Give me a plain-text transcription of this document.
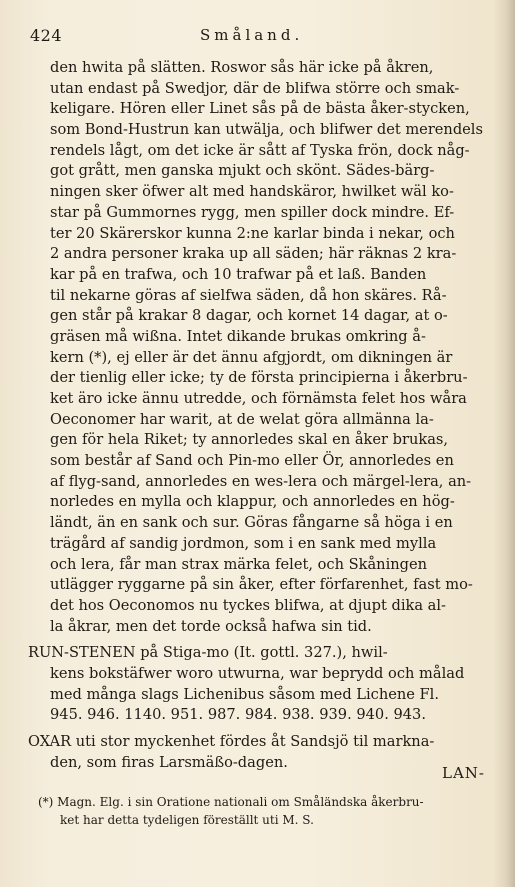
424	Småland.
den hwita på slätten. Roswor sås här icke på åkren,
utan endast på Swedjor, där de blifwa större och smak-
keligare. Hören eller Linet sås på de bästa åker-stycken,
som Bond-Hustrun kan utwälja, och blifwer det merendels
rendels lågt, om det icke är sått af Tyska frön, dock någ-
got grått, men ganska mjukt och skönt. Sädes-bärg-
ningen sker öfwer alt med handskäror, hwilket wäl ko-
star på Gummornes rygg, men spiller dock mindre. Ef-
ter 20 Skärerskor kunna 2:ne karlar binda i nekar, och
2 andra personer kraka up all säden; här räknas 2 kra-
kar på en trafwa, och 10 trafwar på et laß. Banden
til nekarne göras af sielfwa säden, då hon skäres. Rå-
gen står på krakar 8 dagar, och kornet 14 dagar, at o-
gräsen må wißna. Intet dikande brukas omkring å-
kern (*), ej eller är det ännu afgjordt, om dikningen är
der tienlig eller icke; ty de första principierna i åkerbru-
ket äro icke ännu utredde, och förnämsta felet hos wåra
Oeconomer har warit, at de welat göra allmänna la-
gen för hela Riket; ty annorledes skal en åker brukas,
som består af Sand och Pin-mo eller Ör, annorledes en
af flyg-sand, annorledes en wes-lera och märgel-lera, an-
norledes en mylla och klappur, och annorledes en hög-
ländt, än en sank och sur. Göras fångarne så höga i en
trägård af sandig jordmon, som i en sank med mylla
och lera, får man strax märka felet, och Skåningen
utlägger ryggarne på sin åker, efter förfarenhet, fast mo-
det hos Oeconomos nu tyckes blifwa, at djupt dika al-
la åkrar, men det torde också hafwa sin tid.
RUN-STENEN på Stiga-mo (It. gottl. 327.), hwil-
kens bokstäfwer woro utwurna, war beprydd och målad
med många slags Lichenibus såsom med Lichene Fl.
945. 946. 1140. 951. 987. 984. 938. 939. 940. 943.
OXAR uti stor myckenhet fördes åt Sandsjö til markna-
den, som firas Larsmäßo-dagen.
LAN-
(*) Magn. Elg. i sin Oratione nationali om Småländska åkerbru-
ket har detta tydeligen föreställt uti M. S.
